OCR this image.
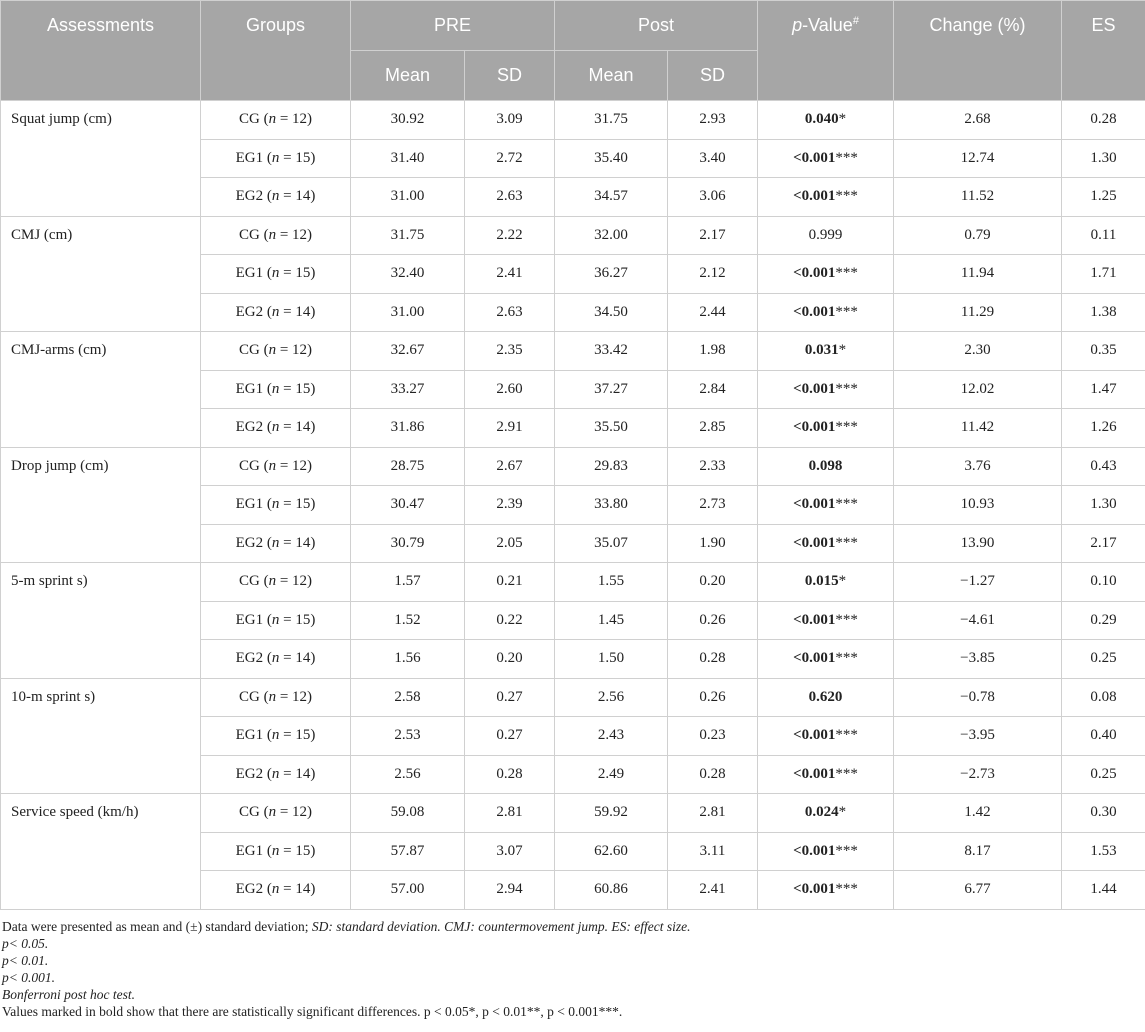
Assessments	Groups	PRE		Post		p-Value#	Change (%)	ES
		Mean	SD	Mean	SD			
Squat jump (cm)	CG (n = 12)	30.92	3.09	31.75	2.93	0.040*	2.68	0.28
	EG1 (n = 15)	31.40	2.72	35.40	3.40	<0.001***	12.74	1.30
	EG2 (n = 14)	31.00	2.63	34.57	3.06	<0.001***	11.52	1.25
CMJ (cm)	CG (n = 12)	31.75	2.22	32.00	2.17	0.999	0.79	0.11
	EG1 (n = 15)	32.40	2.41	36.27	2.12	<0.001***	11.94	1.71
	EG2 (n = 14)	31.00	2.63	34.50	2.44	<0.001***	11.29	1.38
CMJ-arms (cm)	CG (n = 12)	32.67	2.35	33.42	1.98	0.031*	2.30	0.35
	EG1 (n = 15)	33.27	2.60	37.27	2.84	<0.001***	12.02	1.47
	EG2 (n = 14)	31.86	2.91	35.50	2.85	<0.001***	11.42	1.26
Drop jump (cm)	CG (n = 12)	28.75	2.67	29.83	2.33	0.098	3.76	0.43
	EG1 (n = 15)	30.47	2.39	33.80	2.73	<0.001***	10.93	1.30
	EG2 (n = 14)	30.79	2.05	35.07	1.90	<0.001***	13.90	2.17
5-m sprint s)	CG (n = 12)	1.57	0.21	1.55	0.20	0.015*	−1.27	0.10
	EG1 (n = 15)	1.52	0.22	1.45	0.26	<0.001***	−4.61	0.29
	EG2 (n = 14)	1.56	0.20	1.50	0.28	<0.001***	−3.85	0.25
10-m sprint s)	CG (n = 12)	2.58	0.27	2.56	0.26	0.620	−0.78	0.08
	EG1 (n = 15)	2.53	0.27	2.43	0.23	<0.001***	−3.95	0.40
	EG2 (n = 14)	2.56	0.28	2.49	0.28	<0.001***	−2.73	0.25
Service speed (km/h)	CG (n = 12)	59.08	2.81	59.92	2.81	0.024*	1.42	0.30
	EG1 (n = 15)	57.87	3.07	62.60	3.11	<0.001***	8.17	1.53
	EG2 (n = 14)	57.00	2.94	60.86	2.41	<0.001***	6.77	1.44
Data were presented as mean and (±) standard deviation; SD: standard deviation. CMJ: countermovement jump. ES: effect size.
p< 0.05.
p< 0.01.
p< 0.001.
Bonferroni post hoc test.
Values marked in bold show that there are statistically significant differences. p < 0.05*, p < 0.01**, p < 0.001***.
